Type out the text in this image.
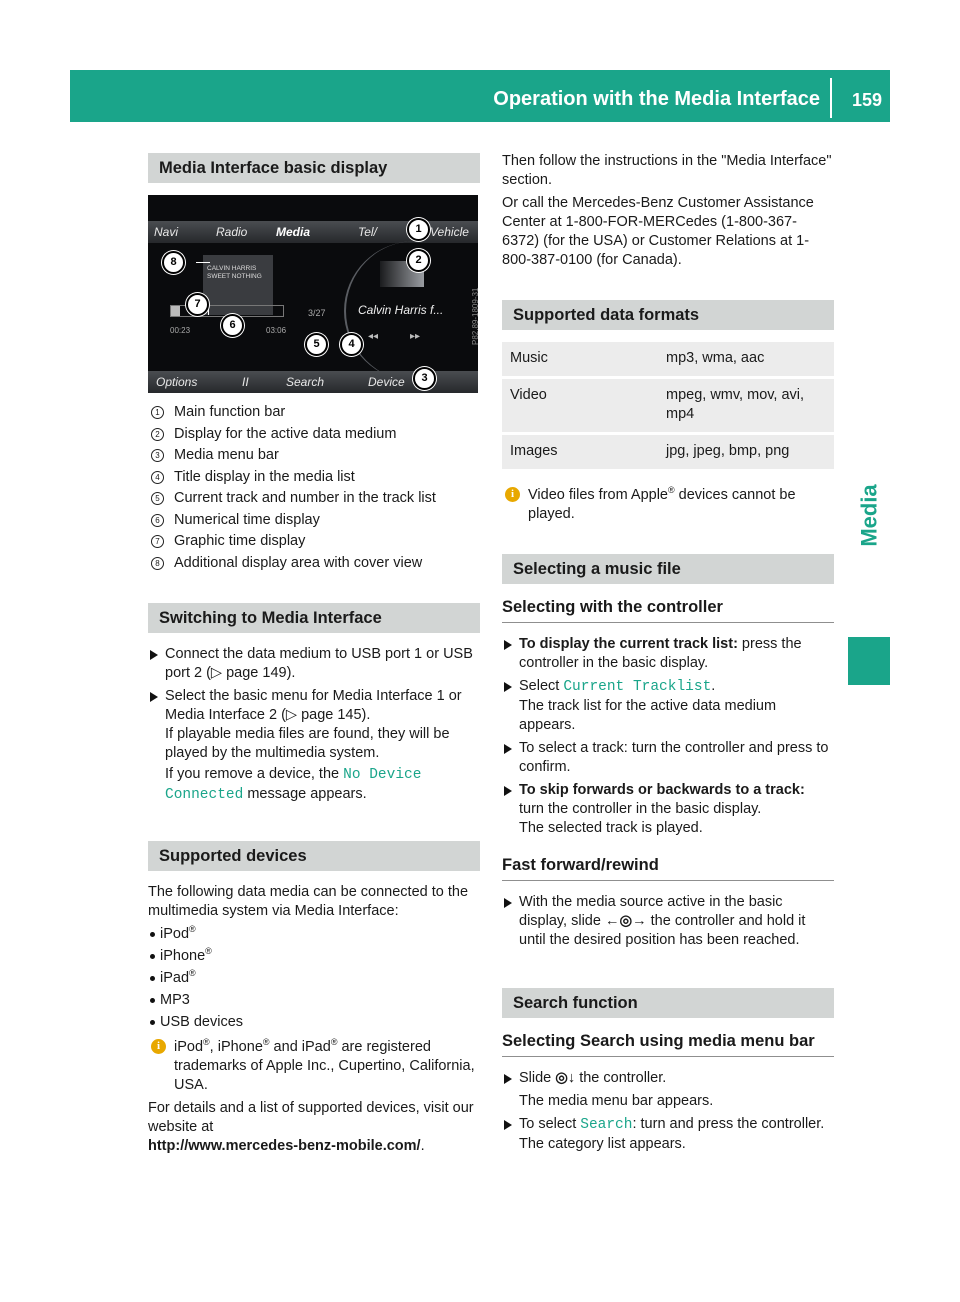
Operation with the Media Interface 159
Media
Media Interface basic display
Navi	Radio Media	Tel/	Vehicle
CALVIN HARRIS SWEET NOTHING
3/27	Calvin Harris f...
00:23	03:06
◂◂	▸▸	P82.89-1809-31
Options	II	Search	Device
1
2
3
4
5
6
7
8
1 Main function bar
2 Display for the active data medium
3 Media menu bar
4 Title display in the media list
5 Current track and number in the track list
6 Numerical time display
7 Graphic time display
8 Additional display area with cover view
Switching to Media Interface
Connect the data medium to USB port 1 or USB port 2 (▷ page 149).
Select the basic menu for Media Interface 1 or Media Interface 2 (▷ page 145).
If playable media files are found, they will be played by the multimedia system.
If you remove a device, the No Device Connected message appears.
Supported devices

The following data media can be connected to the multimedia system via Media Interface:

iPod®
iPhone®
iPad®
MP3
USB devices
i iPod®, iPhone® and iPad® are registered trademarks of Apple Inc., Cupertino, California, USA.

For details and a list of supported devices, visit our website at
http://www.mercedes-benz-mobile.com/.

Then follow the instructions in the "Media Interface" section.

Or call the Mercedes-Benz Customer Assistance Center at 1-800-FOR-MERCedes (1-800-367-6372) (for the USA) or Customer Relations at 1-800-387-0100 (for Canada).

Supported data formats
Music	mp3, wma, aac
Video	mpeg, wmv, mov, avi, mp4
Images	jpg, jpeg, bmp, png
i Video files from Apple® devices cannot be played.
Selecting a music file
Selecting with the controller
To display the current track list: press the controller in the basic display.
Select Current Tracklist.
The track list for the active data medium appears.
To select a track: turn the controller and press to confirm.
To skip forwards or backwards to a track:
turn the controller in the basic display.
The selected track is played.
Fast forward/rewind
With the media source active in the basic display, slide ←◎→ the controller and hold it until the desired position has been reached.
Search function
Selecting Search using media menu bar
Slide ◎↓ the controller.
The media menu bar appears.
To select Search: turn and press the controller.
The category list appears.
